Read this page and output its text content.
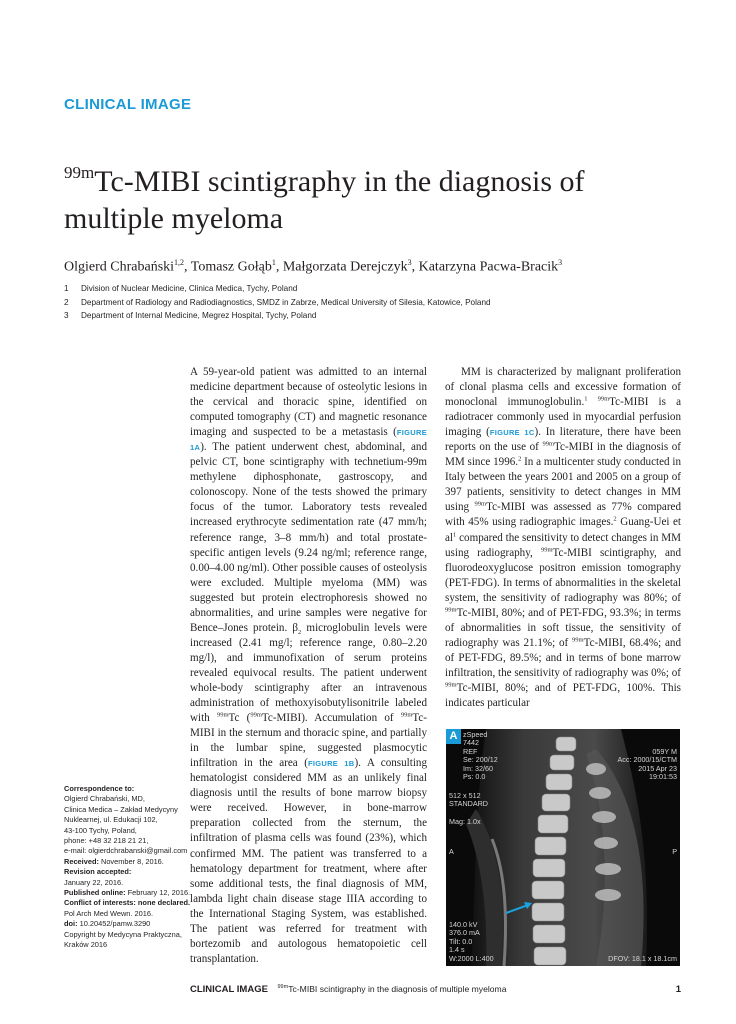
CLINICAL IMAGE
$^{99m}$Tc-MIBI scintigraphy in the diagnosis of multiple myeloma
Olgierd Chrabański$^{1,2}$, Tomasz Gołąb$^1$, Małgorzata Derejczyk$^3$, Katarzyna Pacwa-Bracik$^3$
1	Division of Nuclear Medicine, Clinica Medica, Tychy, Poland
2	Department of Radiology and Radiodiagnostics, SMDZ in Zabrze, Medical University of Silesia, Katowice, Poland
3	Department of Internal Medicine, Megrez Hospital, Tychy, Poland

A 59-year-old patient was admitted to an internal medicine department because of osteolytic lesions in the cervical and thoracic spine, identified on computed tomography (CT) and magnetic resonance imaging and suspected to be a metastasis (FIGURE 1A). The patient underwent chest, abdominal, and pelvic CT, bone scintigraphy with technetium-99m methylene diphosphonate, gastroscopy, and colonoscopy. None of the tests showed the primary focus of the tumor. Laboratory tests revealed increased erythrocyte sedimentation rate (47 mm/h; reference range, 3–8 mm/h) and total prostate-specific antigen levels (9.24 ng/ml; reference range, 0.00–4.00 ng/ml). Other possible causes of osteolysis were excluded. Multiple myeloma (MM) was suggested but protein electrophoresis showed no abnormalities, and urine samples were negative for Bence–Jones protein. $\beta_2$ microglobulin levels were increased (2.41 mg/l; reference range, 0.80–2.20 mg/l), and immunofixation of serum proteins revealed equivocal results. The patient underwent whole-body scintigraphy after an intravenous administration of methoxyisobutylisonitrile labeled with $^{99m}$Tc ($^{99m}$Tc-MIBI). Accumulation of $^{99m}$Tc-MIBI in the sternum and thoracic spine, and partially in the lumbar spine, suggested plasmocytic infiltration in the area (FIGURE 1B). A consulting hematologist considered MM as an unlikely final diagnosis until the results of bone marrow biopsy were received. However, in bone-marrow preparation collected from the sternum, the infiltration of plasma cells was found (23%), which confirmed MM. The patient was transferred to a hematology department for treatment, where after some additional tests, the final diagnosis of MM, lambda light chain disease stage IIIA according to the International Staging System, was established. The patient was referred for treatment with bortezomib and autologous hematopoietic cell transplantation.

MM is characterized by malignant proliferation of clonal plasma cells and excessive formation of monoclonal immunoglobulin.$^1$ $^{99m}$Tc-MIBI is a radiotracer commonly used in myocardial perfusion imaging (FIGURE 1C). In literature, there have been reports on the use of $^{99m}$Tc-MIBI in the diagnosis of MM since 1996.$^2$ In a multicenter study conducted in Italy between the years 2001 and 2005 on a group of 397 patients, sensitivity to detect changes in MM using $^{99m}$Tc-MIBI was assessed as 77% compared with 45% using radiographic images.$^2$ Guang-Uei et $al^1$ compared the sensitivity to detect changes in MM using radiography, $^{99m}$Tc-MIBI scintigraphy, and fluorodeoxyglucose positron emission tomography (PET-FDG). In terms of abnormalities in the skeletal system, the sensitivity of radiography was 80%; of $^{99m}$Tc-MIBI, 80%; and of PET-FDG, 93.3%; in terms of abnormalities in soft tissue, the sensitivity of radiography was 21.1%; of $^{99m}$Tc-MIBI, 68.4%; and of PET-FDG, 89.5%; and in terms of bone marrow infiltration, the sensitivity of radiography was 0%; of $^{99m}$Tc-MIBI, 80%; and of PET-FDG, 100%. This indicates particular

Correspondence to:
Olgierd Chrabański, MD,
Clinica Medica – Zakład Medycyny
Nuklearnej, ul. Edukacji 102,
43-100 Tychy, Poland,
phone: +48 32 218 21 21,
e-mail: olgierdchrabanski@gmail.com
Received: November 8, 2016.
Revision accepted:
January 22, 2016.
Published online: February 12, 2016.
Conflict of interests: none declared.
Pol Arch Med Wewn. 2016.
doi: 10.20452/pamw.3290
Copyright by Medycyna Praktyczna,
Kraków 2016
A zSpeed
7442
REF
Se: 200/12
Im: 32/60
Ps: 0.0
512 x 512
STANDARD
Mag: 1.0x
059Y M
Acc: 2000/15/CTM
2015 Apr 23
19:01:53
A	P
140.0 kV
376.0 mA
Tilt: 0.0
1.4 s
W:2000 L:400	DFOV: 18.1 x 18.1cm
CLINICAL IMAGE $^{99m}$Tc-MIBI scintigraphy in the diagnosis of multiple myeloma	1
